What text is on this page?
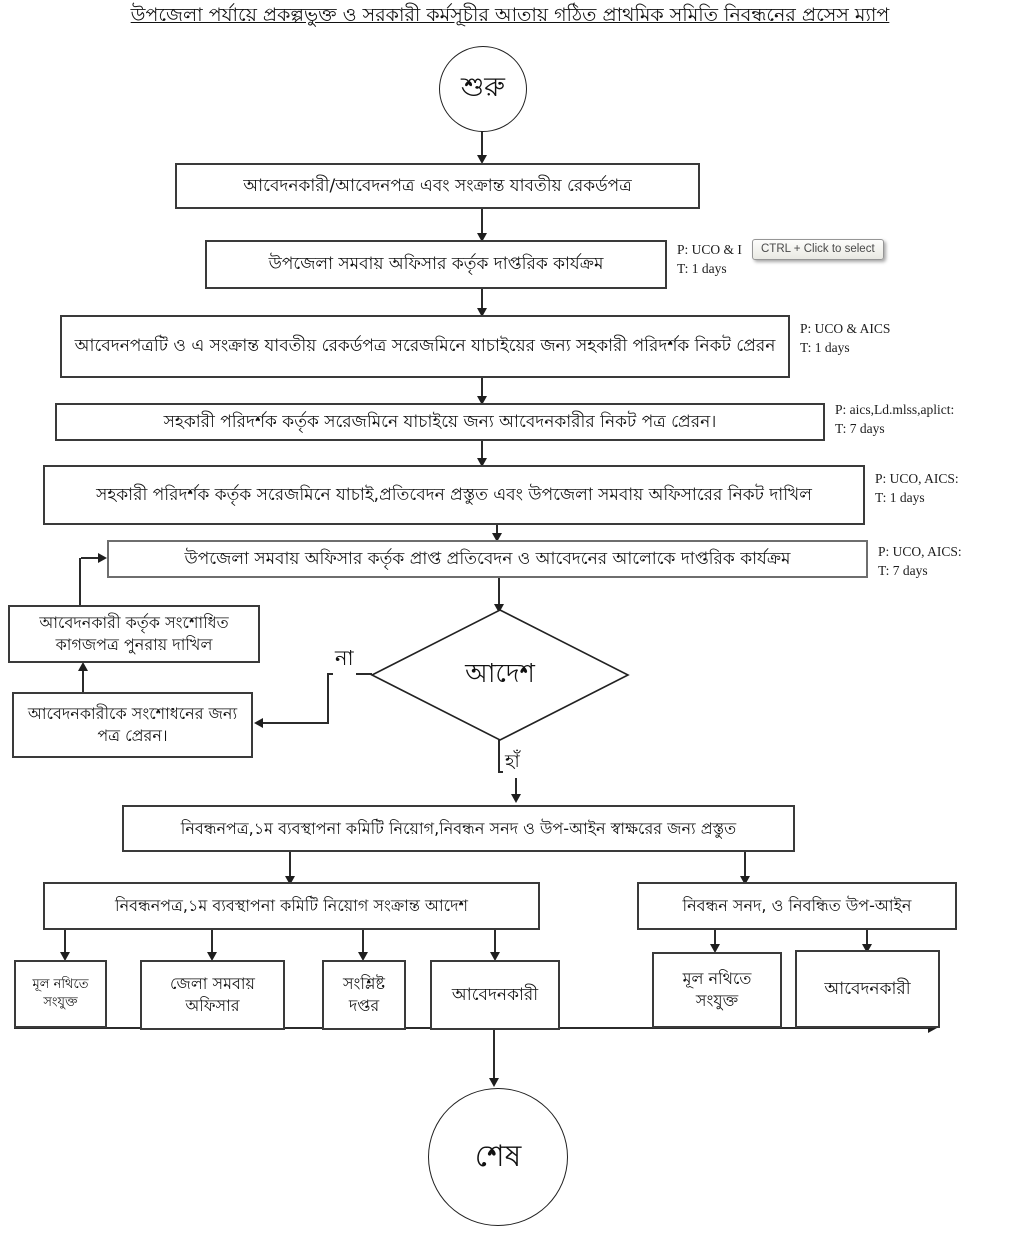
উপজেলা পর্যায়ে প্রকল্পভুক্ত ও সরকারী কর্মসূচীর আতায় গঠিত প্রাথমিক সমিতি নিবন্ধনের প্রসেস ম্যাপ
শুরু
আবেদনকারী/আবেদনপত্র এবং সংক্রান্ত যাবতীয় রেকর্ডপত্র
উপজেলা সমবায় অফিসার কর্তৃক দাপ্তরিক কার্যক্রম
P: UCO & I
T: 1 days
CTRL + Click to select
আবেদনপত্রটি ও এ সংক্রান্ত যাবতীয় রেকর্ডপত্র সরেজমিনে যাচাইয়ের জন্য সহকারী পরিদর্শক নিকট প্রেরন
P: UCO & AICS
T: 1 days
সহকারী পরিদর্শক কর্তৃক সরেজমিনে যাচাইয়ে জন্য আবেদনকারীর নিকট পত্র প্রেরন।
P: aics,Ld.mlss,aplict:
T: 7 days
সহকারী পরিদর্শক কর্তৃক সরেজমিনে যাচাই,প্রতিবেদন প্রস্তুত এবং উপজেলা সমবায় অফিসারের নিকট দাখিল
P: UCO, AICS:
T: 1 days
উপজেলা সমবায় অফিসার কর্তৃক প্রাপ্ত প্রতিবেদন ও আবেদনের আলোকে দাপ্তরিক কার্যক্রম	P: UCO, AICS:
T: 7 days
আদেশ
না
আবেদনকারী কর্তৃক সংশোধিত কাগজপত্র পুনরায় দাখিল
আবেদনকারীকে সংশোধনের জন্য পত্র প্রেরন।
হাঁ
নিবন্ধনপত্র,১ম ব্যবস্থাপনা কমিটি নিয়োগ,নিবন্ধন সনদ ও উপ-আইন স্বাক্ষরের জন্য প্রস্তুত
নিবন্ধনপত্র,১ম ব্যবস্থাপনা কমিটি নিয়োগ সংক্রান্ত আদেশ	নিবন্ধন সনদ, ও নিবন্ধিত উপ-আইন
মূল নথিতে সংযুক্ত
জেলা সমবায় অফিসার
সংশ্লিষ্ট দপ্তর
আবেদনকারী
মূল নথিতে সংযুক্ত
আবেদনকারী
শেষ
